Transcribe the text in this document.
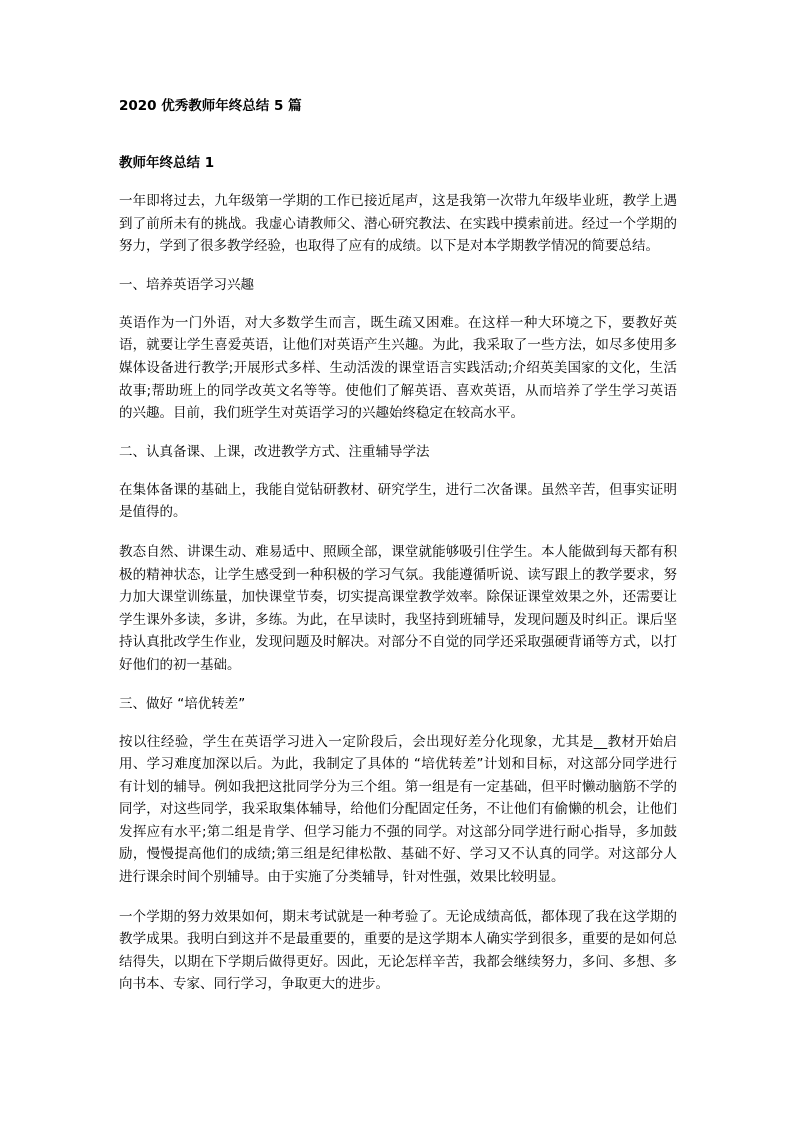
2020 优秀教师年终总结 5 篇

教师年终总结 1

一年即将过去，九年级第一学期的工作已接近尾声，这是我第一次带九年级毕业班，教学上遇到了前所未有的挑战。我虚心请教师父、潜心研究教法、在实践中摸索前进。经过一个学期的努力，学到了很多教学经验，也取得了应有的成绩。以下是对本学期教学情况的简要总结。

一、培养英语学习兴趣

英语作为一门外语，对大多数学生而言，既生疏又困难。在这样一种大环境之下，要教好英语，就要让学生喜爱英语，让他们对英语产生兴趣。为此，我采取了一些方法，如尽多使用多媒体设备进行教学;开展形式多样、生动活泼的课堂语言实践活动;介绍英美国家的文化，生活故事;帮助班上的同学改英文名等等。使他们了解英语、喜欢英语，从而培养了学生学习英语的兴趣。目前，我们班学生对英语学习的兴趣始终稳定在较高水平。

二、认真备课、上课，改进教学方式、注重辅导学法

在集体备课的基础上，我能自觉钻研教材、研究学生，进行二次备课。虽然辛苦，但事实证明是值得的。

教态自然、讲课生动、难易适中、照顾全部，课堂就能够吸引住学生。本人能做到每天都有积极的精神状态，让学生感受到一种积极的学习气氛。我能遵循听说、读写跟上的教学要求，努力加大课堂训练量，加快课堂节奏，切实提高课堂教学效率。除保证课堂效果之外，还需要让学生课外多读，多讲，多练。为此，在早读时，我坚持到班辅导，发现问题及时纠正。课后坚持认真批改学生作业，发现问题及时解决。对部分不自觉的同学还采取强硬背诵等方式，以打好他们的初一基础。

三、做好 “培优转差”

按以往经验，学生在英语学习进入一定阶段后，会出现好差分化现象，尤其是__教材开始启用、学习难度加深以后。为此，我制定了具体的 “培优转差”计划和目标，对这部分同学进行有计划的辅导。例如我把这批同学分为三个组。第一组是有一定基础，但平时懒动脑筋不学的同学，对这些同学，我采取集体辅导，给他们分配固定任务，不让他们有偷懒的机会，让他们发挥应有水平;第二组是肯学、但学习能力不强的同学。对这部分同学进行耐心指导，多加鼓励，慢慢提高他们的成绩;第三组是纪律松散、基础不好、学习又不认真的同学。对这部分人进行课余时间个别辅导。由于实施了分类辅导，针对性强，效果比较明显。

一个学期的努力效果如何，期末考试就是一种考验了。无论成绩高低，都体现了我在这学期的教学成果。我明白到这并不是最重要的，重要的是这学期本人确实学到很多，重要的是如何总结得失，以期在下学期后做得更好。因此，无论怎样辛苦，我都会继续努力，多问、多想、多向书本、专家、同行学习，争取更大的进步。
